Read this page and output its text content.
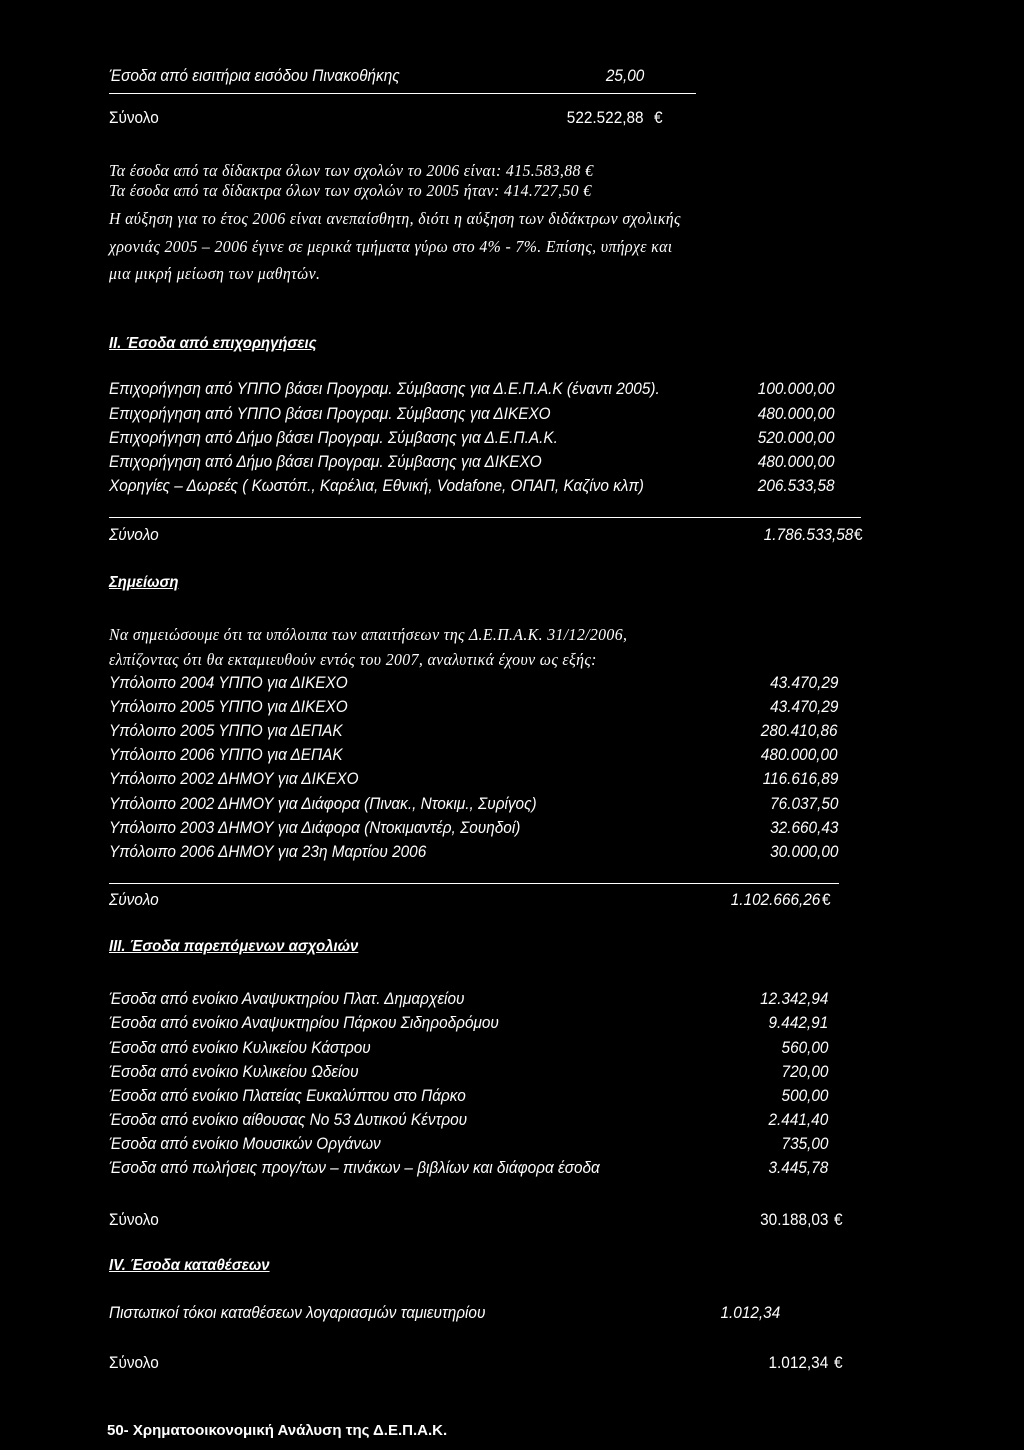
Έσοδα από εισιτήρια εισόδου Πινακοθήκης	25,00
Σύνολο	522.522,88 €
Τα έσοδα από τα δίδακτρα όλων των σχολών το 2006 είναι: 415.583,88 €
Τα έσοδα από τα δίδακτρα όλων των σχολών το 2005 ήταν: 414.727,50 €
Η αύξηση για το έτος 2006 είναι ανεπαίσθητη, διότι η αύξηση των διδάκτρων σχολικής
χρονιάς 2005 – 2006 έγινε σε μερικά τμήματα γύρω στο 4% - 7%. Επίσης, υπήρχε και
μια μικρή μείωση των μαθητών.
ΙΙ. Έσοδα από επιχορηγήσεις
Επιχορήγηση από ΥΠΠΟ βάσει Προγραμ. Σύμβασης για Δ.Ε.Π.Α.Κ (έναντι 2005).	100.000,00
Επιχορήγηση από ΥΠΠΟ βάσει Προγραμ. Σύμβασης για ΔΙΚΕΧΟ	480.000,00
Επιχορήγηση από Δήμο βάσει Προγραμ. Σύμβασης για Δ.Ε.Π.Α.Κ.	520.000,00
Επιχορήγηση από Δήμο βάσει Προγραμ. Σύμβασης για ΔΙΚΕΧΟ	480.000,00
Χορηγίες – Δωρεές ( Κωστόπ., Καρέλια, Εθνική, Vodafone, ΟΠΑΠ, Καζίνο κλπ)	206.533,58
Σύνολο	1.786.533,58 €
Σημείωση
Να σημειώσουμε ότι τα υπόλοιπα των απαιτήσεων της Δ.Ε.Π.Α.Κ. 31/12/2006,
ελπίζοντας ότι θα εκταμιευθούν εντός του 2007, αναλυτικά έχουν ως εξής:
Υπόλοιπο 2004 ΥΠΠΟ για ΔΙΚΕΧΟ	43.470,29
Υπόλοιπο 2005 ΥΠΠΟ για ΔΙΚΕΧΟ	43.470,29
Υπόλοιπο 2005 ΥΠΠΟ για ΔΕΠΑΚ	280.410,86
Υπόλοιπο 2006 ΥΠΠΟ για ΔΕΠΑΚ	480.000,00
Υπόλοιπο 2002 ΔΗΜΟΥ για ΔΙΚΕΧΟ	116.616,89
Υπόλοιπο 2002 ΔΗΜΟΥ για Διάφορα (Πινακ., Ντοκιμ., Συρίγος)	76.037,50
Υπόλοιπο 2003 ΔΗΜΟΥ για Διάφορα (Ντοκιμαντέρ, Σουηδοί)	32.660,43
Υπόλοιπο 2006 ΔΗΜΟΥ για 23η Μαρτίου 2006	30.000,00
Σύνολο	1.102.666,26 €
ΙΙΙ. Έσοδα παρεπόμενων ασχολιών
Έσοδα από ενοίκιο Αναψυκτηρίου Πλατ. Δημαρχείου	12.342,94
Έσοδα από ενοίκιο Αναψυκτηρίου Πάρκου Σιδηροδρόμου	9.442,91
Έσοδα από ενοίκιο Κυλικείου Κάστρου	560,00
Έσοδα από ενοίκιο Κυλικείου Ωδείου	720,00
Έσοδα από ενοίκιο Πλατείας Ευκαλύπτου στο Πάρκο	500,00
Έσοδα από ενοίκιο αίθουσας Νο 53 Δυτικού Κέντρου	2.441,40
Έσοδα από ενοίκιο Μουσικών Οργάνων	735,00
Έσοδα από πωλήσεις προγ/των – πινάκων – βιβλίων και διάφορα έσοδα	3.445,78
Σύνολο	30.188,03 €
IV. Έσοδα καταθέσεων
Πιστωτικοί τόκοι καταθέσεων λογαριασμών ταμιευτηρίου	1.012,34
Σύνολο	1.012,34 €
50- Χρηματοοικονομική Ανάλυση της Δ.Ε.Π.Α.Κ.
